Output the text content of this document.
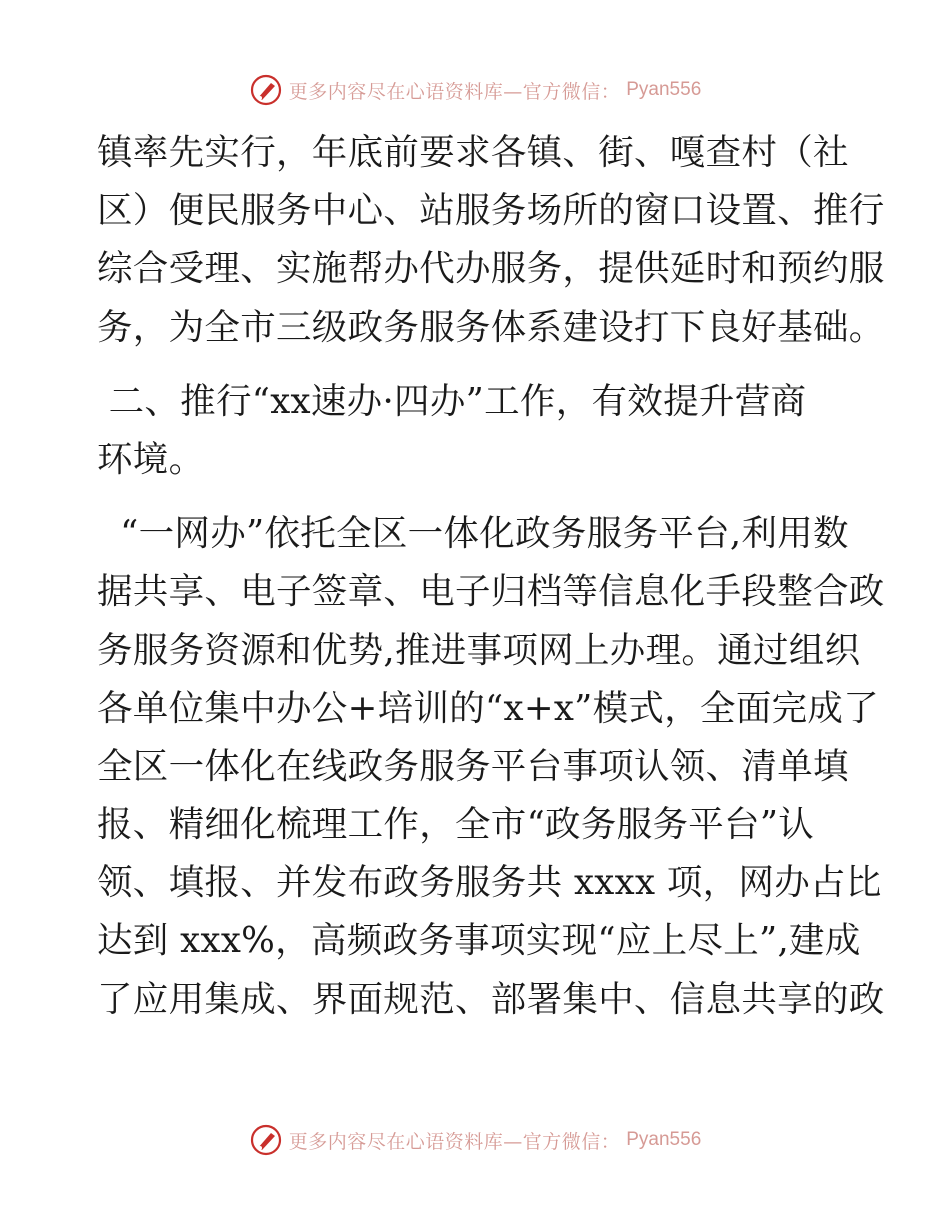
更多内容尽在心语资料库—官方微信： Pyan556
镇率先实行，年底前要求各镇、街、嘎查村（社
区）便民服务中心、站服务场所的窗口设置、推行
综合受理、实施帮办代办服务，提供延时和预约服
务，为全市三级政务服务体系建设打下良好基础。
二、推行“xx速办·四办”工作，有效提升营商
环境。
“一网办”依托全区一体化政务服务平台,利用数
据共享、电子签章、电子归档等信息化手段整合政
务服务资源和优势,推进事项网上办理。通过组织
各单位集中办公+培训的“x+x”模式，全面完成了
全区一体化在线政务服务平台事项认领、清单填
报、精细化梳理工作，全市“政务服务平台”认
领、填报、并发布政务服务共 xxxx 项，网办占比
达到 xxx%，高频政务事项实现“应上尽上”,建成
了应用集成、界面规范、部署集中、信息共享的政
更多内容尽在心语资料库—官方微信： Pyan556
